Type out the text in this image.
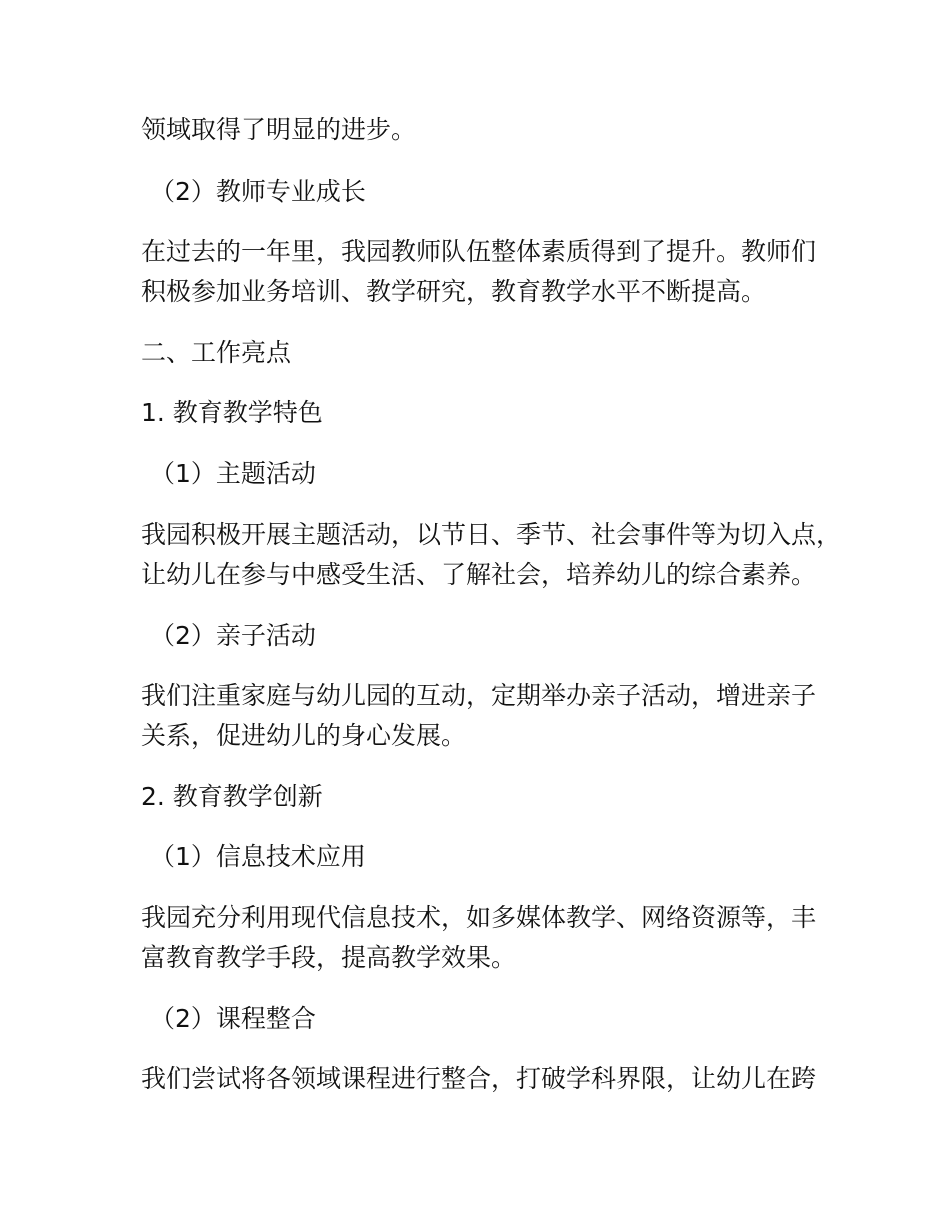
领域取得了明显的进步。
（2）教师专业成长
在过去的一年里，我园教师队伍整体素质得到了提升。教师们
积极参加业务培训、教学研究，教育教学水平不断提高。
二、工作亮点
1. 教育教学特色
（1）主题活动
我园积极开展主题活动，以节日、季节、社会事件等为切入点，
让幼儿在参与中感受生活、了解社会，培养幼儿的综合素养。
（2）亲子活动
我们注重家庭与幼儿园的互动，定期举办亲子活动，增进亲子
关系，促进幼儿的身心发展。
2. 教育教学创新
（1）信息技术应用
我园充分利用现代信息技术，如多媒体教学、网络资源等，丰
富教育教学手段，提高教学效果。
（2）课程整合
我们尝试将各领域课程进行整合，打破学科界限，让幼儿在跨
